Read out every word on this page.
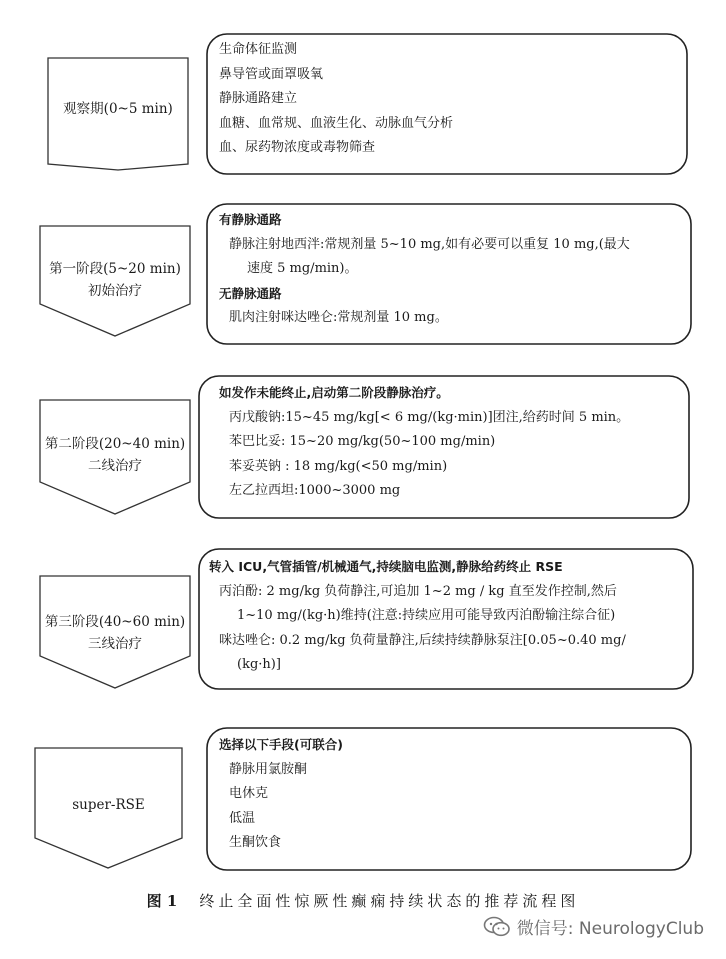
观察期(0~5 min)
第一阶段(5~20 min)
初始治疗
第二阶段(20~40 min)
二线治疗
第三阶段(40~60 min)
三线治疗
super-RSE
生命体征监测
鼻导管或面罩吸氧
静脉通路建立
血糖、血常规、血液生化、动脉血气分析
血、尿药物浓度或毒物筛查
有静脉通路
静脉注射地西泮:常规剂量 5~10 mg,如有必要可以重复 10 mg,(最大
速度 5 mg/min)。
无静脉通路
肌肉注射咪达唑仑:常规剂量 10 mg。
如发作未能终止,启动第二阶段静脉治疗。
丙戊酸钠:15~45 mg/kg[< 6 mg/(kg·min)]团注,给药时间 5 min。
苯巴比妥: 15~20 mg/kg(50~100 mg/min)
苯妥英钠 : 18 mg/kg(<50 mg/min)
左乙拉西坦:1000~3000 mg
转入 ICU,气管插管/机械通气,持续脑电监测,静脉给药终止 RSE
丙泊酚: 2 mg/kg 负荷静注,可追加 1~2 mg / kg 直至发作控制,然后
1~10 mg/(kg·h)维持(注意:持续应用可能导致丙泊酚输注综合征)
咪达唑仑: 0.2 mg/kg 负荷量静注,后续持续静脉泵注[0.05~0.40 mg/
(kg·h)]
选择以下手段(可联合)
静脉用氯胺酮
电休克
低温
生酮饮食
图 1 终止全面性惊厥性癫痫持续状态的推荐流程图
微信号: NeurologyClub
